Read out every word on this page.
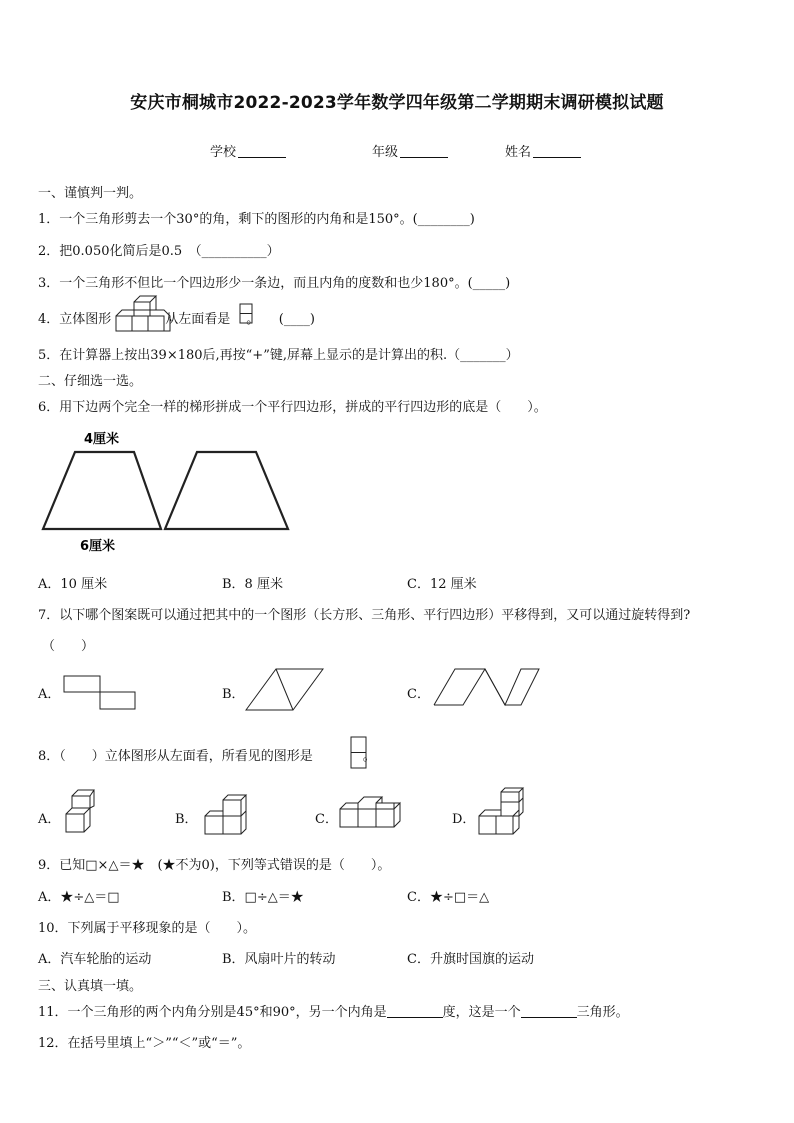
安庆市桐城市2022-2023学年数学四年级第二学期期末调研模拟试题
学校	年级	姓名
一、谨慎判一判。
1．一个三角形剪去一个30°的角，剩下的图形的内角和是150°。(________)
2．把0.050化简后是0.5　（__________）
3．一个三角形不但比一个四边形少一条边，而且内角的度数和也少180°。(_____)
4．立体图形	从左面看是 。　　(____)
5．在计算器上按出39×180后,再按“+”键,屏幕上显示的是计算出的积.（_______）
二、仔细选一选。
6．用下边两个完全一样的梯形拼成一个平行四边形，拼成的平行四边形的底是（　　）。
4厘米
6厘米
A．10 厘米	B．8 厘米	C．12 厘米
7．以下哪个图案既可以通过把其中的一个图形（长方形、三角形、平行四边形）平移得到，又可以通过旋转得到?
（　　）
A．	B．	C．
8．（　　）立体图形从左面看，所看见的图形是	。
A．	B．	C．	D．
9．已知□×△＝★　(★不为0)，下列等式错误的是（　　）。
A．★÷△＝□	B．□÷△＝★	C．★÷□＝△
10．下列属于平移现象的是（　　）。
A．汽车轮胎的运动	B．风扇叶片的转动	C．升旗时国旗的运动
三、认真填一填。
11．一个三角形的两个内角分别是45°和90°，另一个内角是	度，这是一个	三角形。
12．在括号里填上“＞”“＜”或“＝”。
